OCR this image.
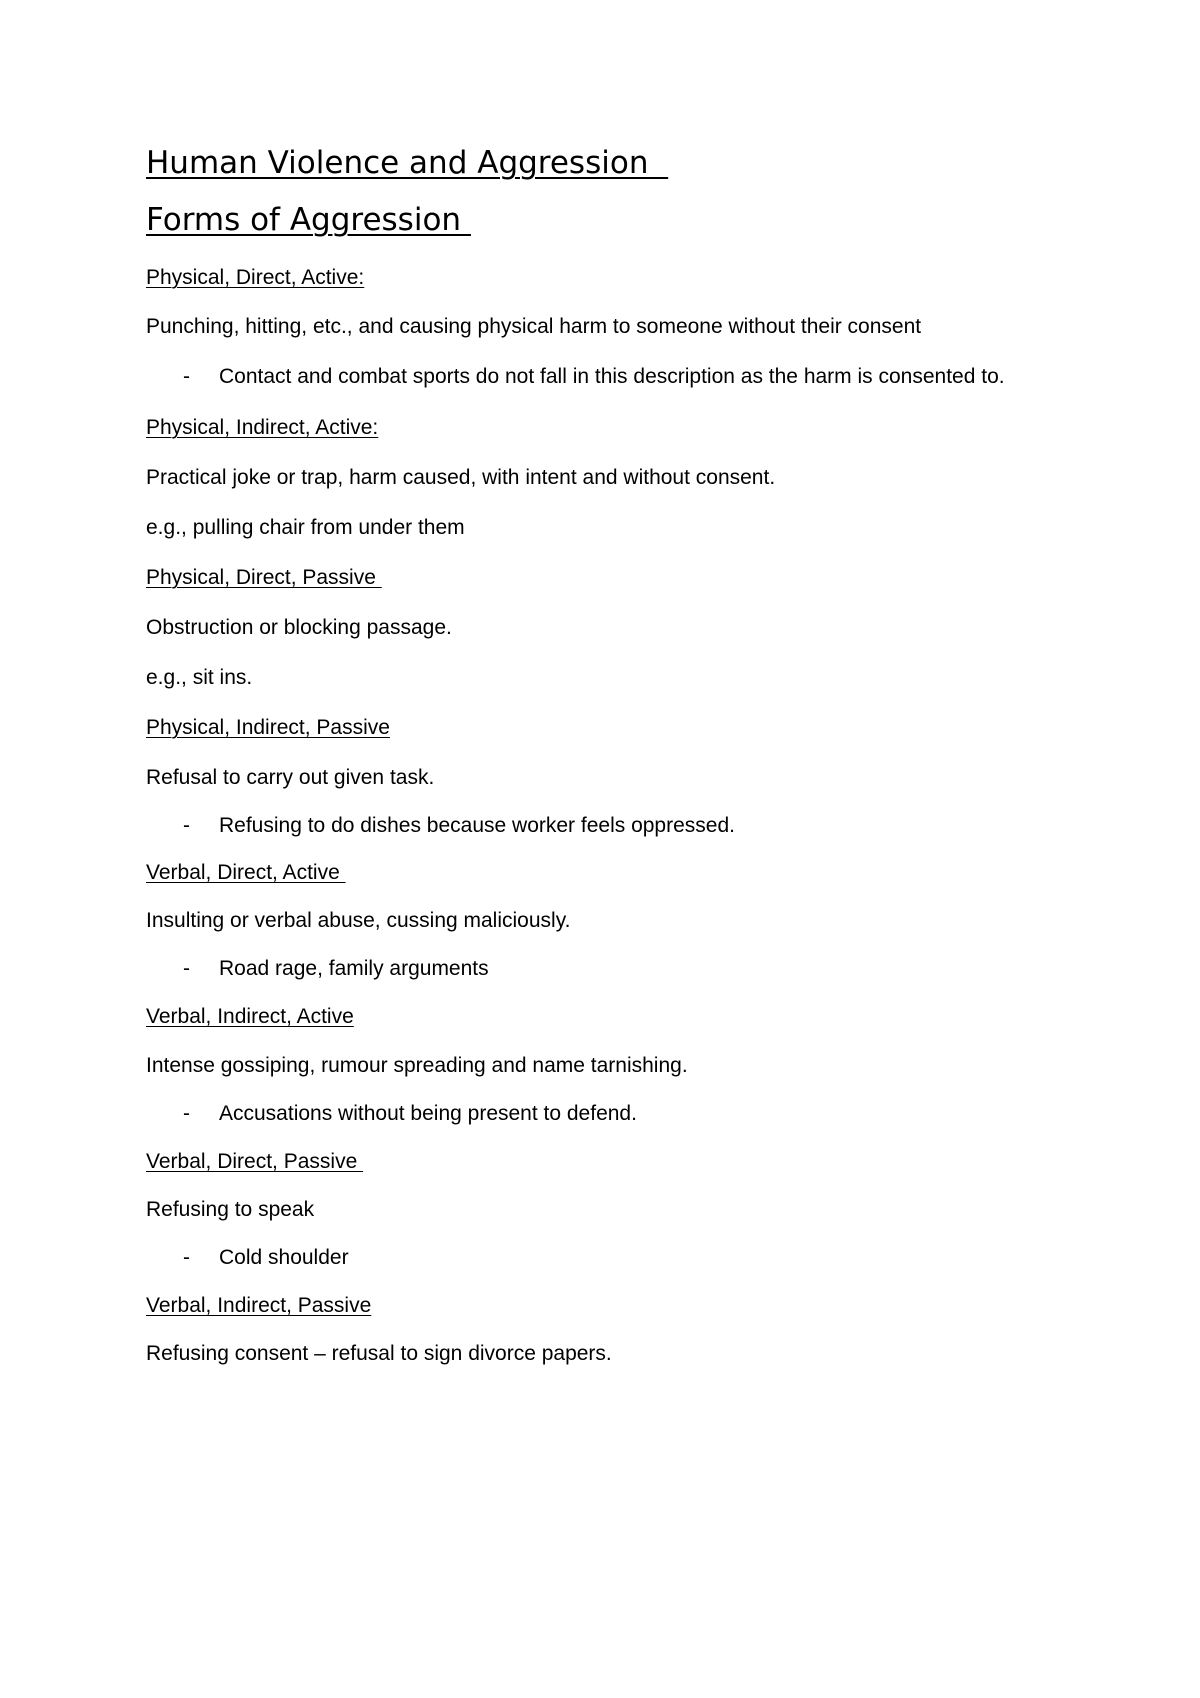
Human Violence and Aggression
Forms of Aggression

Physical, Direct, Active:

Punching, hitting, etc., and causing physical harm to someone without their consent

- Contact and combat sports do not fall in this description as the harm is consented to.

Physical, Indirect, Active:

Practical joke or trap, harm caused, with intent and without consent.

e.g., pulling chair from under them

Physical, Direct, Passive

Obstruction or blocking passage.

e.g., sit ins.

Physical, Indirect, Passive

Refusal to carry out given task.

- Refusing to do dishes because worker feels oppressed.

Verbal, Direct, Active

Insulting or verbal abuse, cussing maliciously.

- Road rage, family arguments

Verbal, Indirect, Active

Intense gossiping, rumour spreading and name tarnishing.

- Accusations without being present to defend.

Verbal, Direct, Passive

Refusing to speak

- Cold shoulder

Verbal, Indirect, Passive

Refusing consent – refusal to sign divorce papers.
